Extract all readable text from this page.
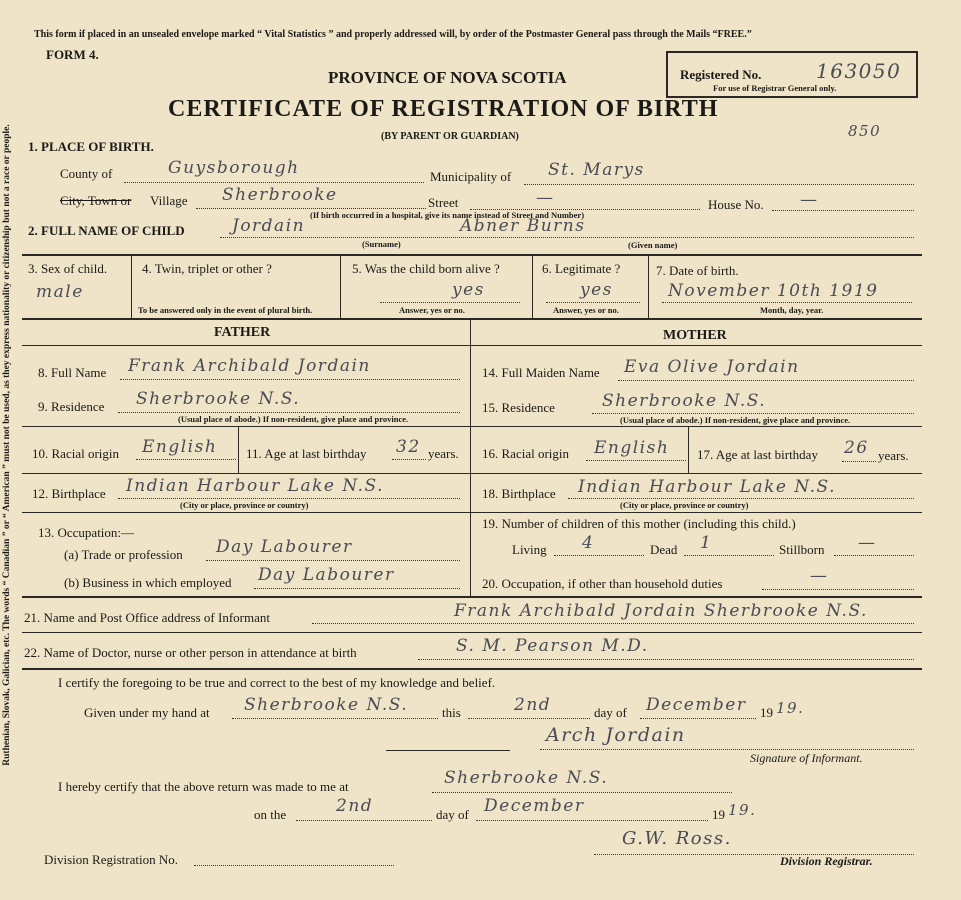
Ruthenian, Slovak, Galician, etc. The words “ Canadian ” or “ American ” must not be used, as they express nationality or citizenship but not a race or people.
This form if placed in an unsealed envelope marked “ Vital Statistics ” and properly addressed will, by order of the Postmaster General pass through the Mails “FREE.”
FORM 4.
PROVINCE OF NOVA SCOTIA
CERTIFICATE OF REGISTRATION OF BIRTH
(BY PARENT OR GUARDIAN)
Registered No.	163050
For use of Registrar General only.
850
1. PLACE OF BIRTH.
County of	Guysborough	Municipality of St. Marys
City, Town or Village Sherbrooke	Street	—	House No. —
(If birth occurred in a hospital, give its name instead of Street and Number)
2. FULL NAME OF CHILD	Jordain	Abner Burns
(Surname)	(Given name)
3. Sex of child.
male
4. Twin, triplet or other ?
To be answered only in the event of plural birth.
5. Was the child born alive ?
yes
Answer, yes or no.
6. Legitimate ?
yes
Answer, yes or no.
7. Date of birth.
November 10th 1919
Month, day, year.
FATHER	MOTHER
8. Full Name Frank Archibald Jordain	14. Full Maiden Name Eva Olive Jordain
9. Residence Sherbrooke N.S.
(Usual place of abode.) If non-resident, give place and province.
15. Residence	Sherbrooke N.S.
(Usual place of abode.) If non-resident, give place and province.
10. Racial origin English 11. Age at last birthday 32 years. 16. Racial origin English 17. Age at last birthday 26 years.
12. Birthplace Indian Harbour Lake N.S.
(City or place, province or country)
18. Birthplace Indian Harbour Lake N.S.
(City or place, province or country)
13. Occupation:—
(a) Trade or profession Day Labourer
(b) Business in which employed Day Labourer
19. Number of children of this mother (including this child.)
Living 4	Dead 1	Stillborn —
20. Occupation, if other than household duties	—
21. Name and Post Office address of Informant	Frank Archibald Jordain Sherbrooke N.S.
22. Name of Doctor, nurse or other person in attendance at birth	S. M. Pearson M.D.
I certify the foregoing to be true and correct to the best of my knowledge and belief.
Given under my hand at Sherbrooke N.S.	this	2nd	day of December 19 19.
Arch Jordain
Signature of Informant.
I hereby certify that the above return was made to me at	Sherbrooke N.S.
on the	2nd	day of December	19 19.
Division Registration No.
G.W. Ross.
Division Registrar.
